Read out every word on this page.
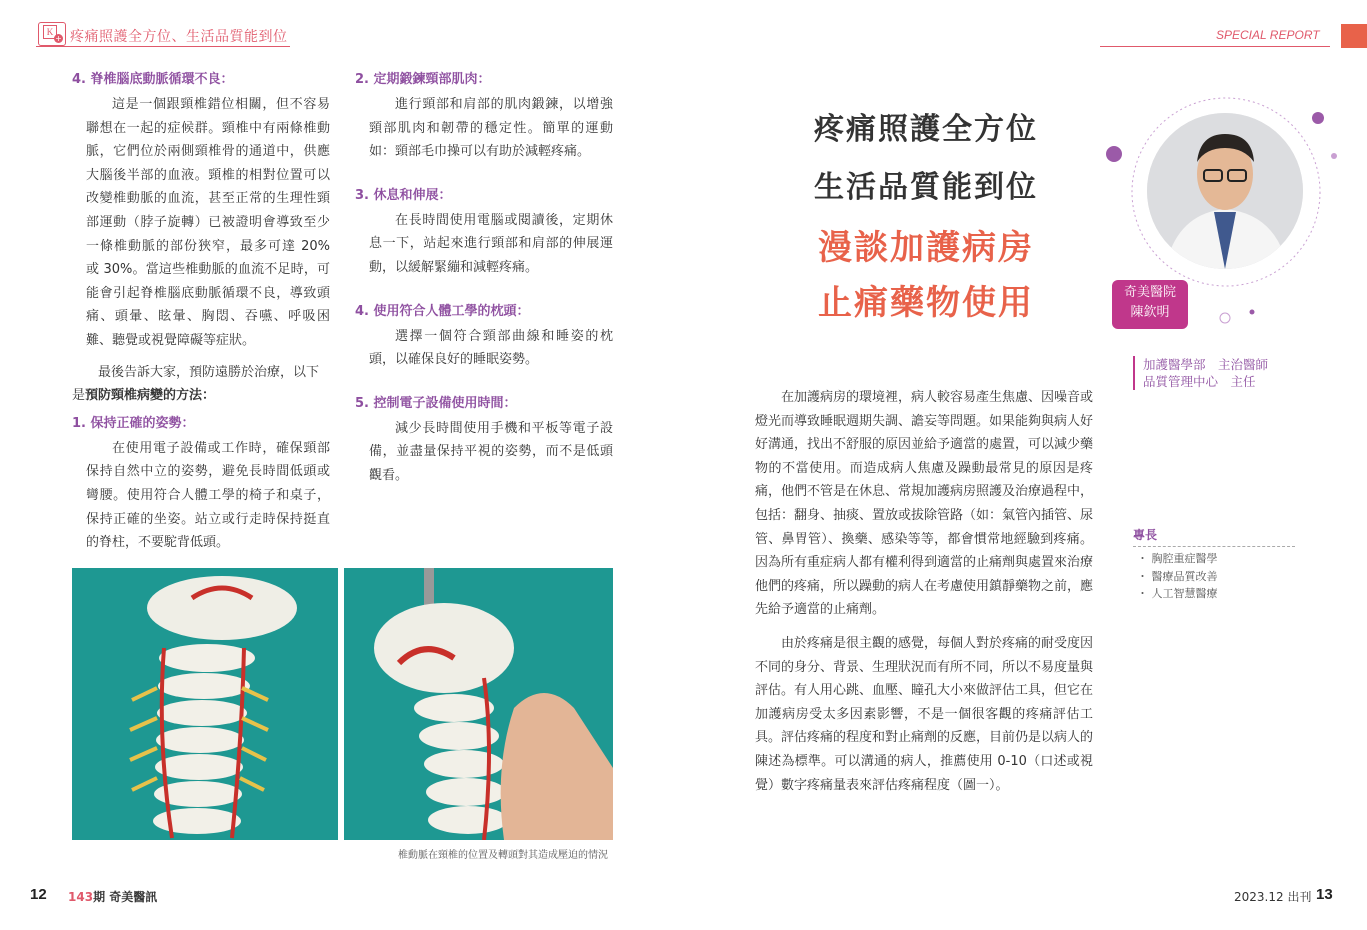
K
+ 疼痛照護全方位、生活品質能到位	SPECIAL REPORT
4. 脊椎腦底動脈循環不良：

這是一個跟頸椎錯位相關，但不容易聯想在一起的症候群。頸椎中有兩條椎動脈，它們位於兩側頸椎骨的通道中，供應大腦後半部的血液。頸椎的相對位置可以改變椎動脈的血流，甚至正常的生理性頸部運動（脖子旋轉）已被證明會導致至少一條椎動脈的部份狹窄，最多可達 20% 或 30%。當這些椎動脈的血流不足時，可能會引起脊椎腦底動脈循環不良，導致頭痛、頭暈、眩暈、胸悶、吞嚥、呼吸困難、聽覺或視覺障礙等症狀。

最後告訴大家，預防遠勝於治療，以下

是預防頸椎病變的方法：
1. 保持正確的姿勢：

在使用電子設備或工作時，確保頸部保持自然中立的姿勢，避免長時間低頭或彎腰。使用符合人體工學的椅子和桌子，保持正確的坐姿。站立或行走時保持挺直的脊柱，不要駝背低頭。

2. 定期鍛鍊頸部肌肉：

進行頸部和肩部的肌肉鍛鍊，以增強頸部肌肉和韌帶的穩定性。簡單的運動如：頸部毛巾操可以有助於減輕疼痛。

3. 休息和伸展：

在長時間使用電腦或閱讀後，定期休息一下，站起來進行頸部和肩部的伸展運動，以緩解緊繃和減輕疼痛。

4. 使用符合人體工學的枕頭：

選擇一個符合頸部曲線和睡姿的枕頭，以確保良好的睡眠姿勢。

5. 控制電子設備使用時間：

減少長時間使用手機和平板等電子設備，並盡量保持平視的姿勢，而不是低頭觀看。

椎動脈在頸椎的位置及轉頭對其造成壓迫的情況
疼痛照護全方位
生活品質能到位
漫談加護病房
止痛藥物使用	奇美醫院
陳欽明
加護醫學部　主治醫師
品質管理中心　主任
專長
・ 胸腔重症醫學
・ 醫療品質改善
・ 人工智慧醫療

在加護病房的環境裡，病人較容易產生焦慮、因噪音或燈光而導致睡眠週期失調、譫妄等問題。如果能夠與病人好好溝通，找出不舒服的原因並給予適當的處置，可以減少藥物的不當使用。而造成病人焦慮及躁動最常見的原因是疼痛，他們不管是在休息、常規加護病房照護及治療過程中，包括：翻身、抽痰、置放或拔除管路（如：氣管內插管、尿管、鼻胃管）、換藥、感染等等，都會慣常地經驗到疼痛。因為所有重症病人都有權利得到適當的止痛劑與處置來治療他們的疼痛，所以躁動的病人在考慮使用鎮靜藥物之前，應先給予適當的止痛劑。

由於疼痛是很主觀的感覺，每個人對於疼痛的耐受度因不同的身分、背景、生理狀況而有所不同，所以不易度量與評估。有人用心跳、血壓、瞳孔大小來做評估工具，但它在加護病房受太多因素影響，不是一個很客觀的疼痛評估工具。評估疼痛的程度和對止痛劑的反應，目前仍是以病人的陳述為標準。可以溝通的病人，推薦使用 0-10（口述或視覺）數字疼痛量表來評估疼痛程度（圖一）。

12 143期 奇美醫訊	2023.12 出刊 13
